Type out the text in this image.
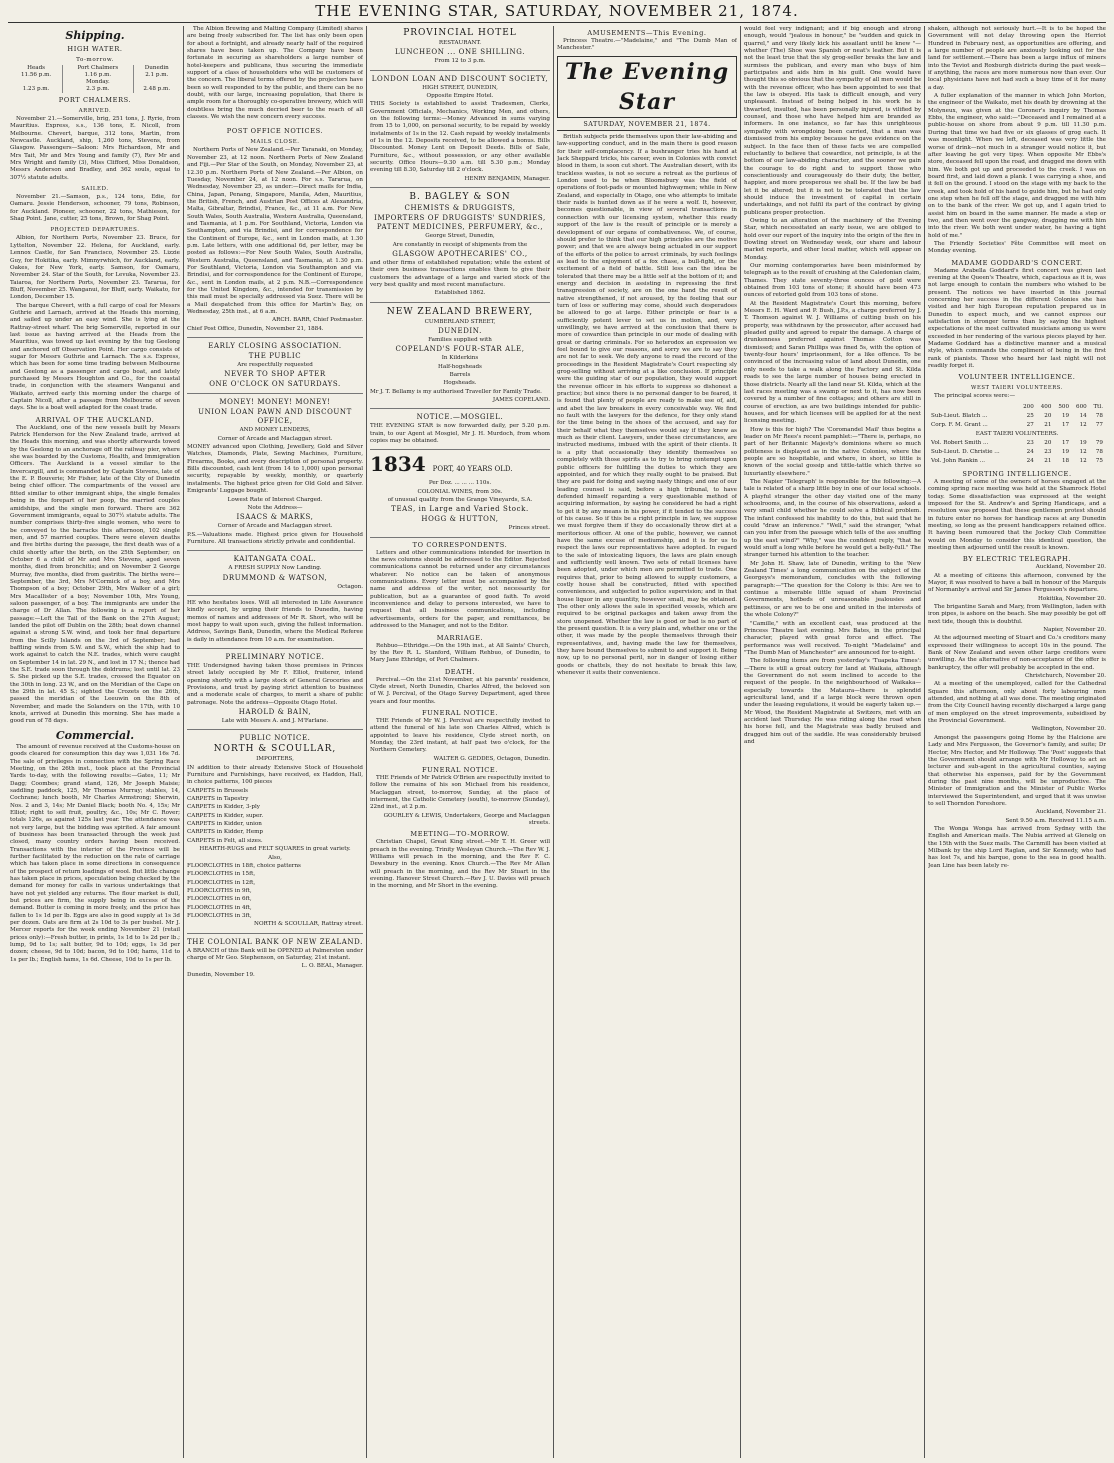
THE EVENING STAR, SATURDAY, NOVEMBER 21, 1874.
Shipping.
HIGH WATER.
To-morrow.
Heads	Port Chalmers	Dunedin
11.56 p.m.	1.16 p.m.	2.1 p.m.
	Monday.	
1.23 p.m.	2.3 p.m.	2.48 p.m.
PORT CHALMERS.
ARRIVED.

November 21.—Somerville, brig, 251 tons, J. Ryrie, from Mauritius. Express, s.s., 136 tons, E. Nicoll, from Melbourne. Chevert, barque, 312 tons, Martin, from Newcastle. Auckland, ship, 1,260 tons, Stevens, from Glasgow. Passengers—Saloon: Mrs Richardson, Mr and Mrs Tait, Mr and Mrs Young and family (7), Rev Mr and Mrs Wright and family (3), Miss Clifford, Miss Donaldson, Messrs Anderson and Bradley, and 362 souls, equal to 307½ statute adults.

SAILED.

November 21.—Samson, p.s., 124 tons, Edie, for Oamaru. Jessie Henderson, schooner, 79 tons, Robinson, for Auckland. Pioneer, schooner, 22 tons, Mathieson, for Shag Point. Jane, cutter, 25 tons, Brown, for Shag Point.

PROJECTED DEPARTURES.

Albion, for Northern Ports, November 23. Bruce, for Lyttelton, November 22. Helena, for Auckland, early. Lennox Castle, for San Francisco, November 25. Lizzie Guy, for Hokitika, early. Mimnyrwhich, for Auckland, early. Oakes, for New York, early. Samson, for Oamaru, November 24. Star of the South, for Levuka, November 23. Taiaroa, for Northern Ports, November 23. Tararua, for Bluff, November 25. Wanganui, for Bluff, early. Waikato, for London, December 15.

The barque Chevert, with a full cargo of coal for Messrs Guthrie and Larnach, arrived at the Heads this morning, and sailed up under an easy wind. She is lying at the Rattray-street wharf. The brig Somerville, reported in our last issue as having arrived at the Heads from the Mauritius, was towed up last evening by the tug Geelong and anchored off Observation Point. Her cargo consists of sugar for Messrs Guthrie and Larnach. The s.s. Express, which has been for some time trading between Melbourne and Geelong as a passenger and cargo boat, and lately purchased by Messrs Houghton and Co., for the coastal trade, in conjunction with the steamers Wanganui and Waikato, arrived early this morning under the charge of Captain Nicoll, after a passage from Melbourne of seven days. She is a boat well adapted for the coast trade.

ARRIVAL OF THE AUCKLAND.

The Auckland, one of the new vessels built by Messrs Patrick Henderson for the New Zealand trade, arrived at the Heads this morning, and was shortly afterwards towed by the Geelong to an anchorage off the railway pier, where she was boarded by the Customs, Health, and Immigration Officers. The Auckland is a vessel similar to the Invercargill, and is commanded by Captain Stevens, late of the E. P. Bouverie; Mr Fisher, late of the City of Dunedin being chief officer. The compartments of the vessel are fitted similar to other immigrant ships, the single females being in the forepart of her poop, the married couples amidships, and the single men forward. There are 362 Government immigrants, equal to 307½ statute adults. The number comprises thirty-five single women, who were to be conveyed to the barracks this afternoon, 102 single men, and 57 married couples. There were eleven deaths and five births during the passage, the first death was of a child shortly after the birth, on the 25th September; on October 6 a child of Mr and Mrs Stevens, aged seven months, died from bronchitis; and on November 2 George Murray, five months, died from gastritis. The births were—September, the 3rd, Mrs M'Cormick of a boy, and Mrs Thompson of a boy; October 29th, Mrs Walker of a girl; Mrs Macallister of a boy; November 10th, Mrs Young, saloon passenger, of a boy. The immigrants are under the charge of Dr Allan. The following is a report of her passage:—Left the Tail of the Bank on the 27th August; landed the pilot off Dublin on the 28th; beat down channel against a strong S.W. wind, and took her final departure from the Scilly Islands on the 3rd of September; had baffling winds from S.W. and S.W., which the ship had to work against to catch the N.E. trades, which were caught on September 14 in lat. 29 N., and lost in 17 N.; thence had the S.E. trade soon through the doldrums; lost until lat. 23 S. She picked up the S.E. trades, crossed the Equator on the 30th in long. 23 W., and on the Meridian of the Cape on the 29th in lat. 45 S.; sighted the Crozets on the 26th, passed the meridian of the Leeuwin on the 8th of November, and made the Solanders on the 17th, with 10 knots, arrived at Dunedin this morning. She has made a good run of 78 days.

Commercial.

The amount of revenue received at the Customs-house on goods cleared for consumption this day was 1,031 16s 7d. The sale of privileges in connection with the Spring Race Meeting, on the 26th inst., took place at the Provincial Yards to-day, with the following results:—Gates, 11; Mr Dagg; Coombes; grand stand, 126, Mr Joseph Maisie; saddling paddock, 125, Mr Thomas Murray; stables, 14, Cochrane; lunch booth, Mr Charles Armstrong; Sherwin, Nos. 2 and 3, 14s; Mr Daniel Black; booth No. 4, 15s; Mr Elliot; right to sell fruit, poultry, &c., 10s; Mr C. Rover; totals 126s, as against 125s last year. The attendance was not very large, but the bidding was spirited. A fair amount of business has been transacted through the week just closed, many country orders having been received. Transactions with the interior of the Province will be further facilitated by the reduction on the rate of carriage which has taken place in some directions in consequence of the prospect of return loadings of wool. But little change has taken place in prices, speculation being checked by the demand for money for calls in various undertakings that have not yet yielded any returns. The flour market is dull, but prices are firm, the supply being in excess of the demand. Butter is coming in more freely, and the price has fallen to 1s 1d per lb. Eggs are also in good supply at 1s 3d per dozen. Oats are firm at 2s 10d to 3s per bushel. Mr J. Mercer reports for the week ending November 21 (retail prices only):—Fresh butter, in prints, 1s 1d to 1s 2d per lb.; lump, 9d to 1s; salt butter, 9d to 10d; eggs, 1s 3d per dozen; cheese, 9d to 10d; bacon, 9d to 10d; hams, 11d to 1s per lb.; English hams, 1s 6d. Cheese, 10d to 1s per lb.

The Albion Brewing and Malting Company (Limited) shares are being freely subscribed for. The list has only been open for about a fortnight, and already nearly half of the required shares have been taken up. The Company have been fortunate in securing as shareholders a large number of hotel-keepers and publicans, thus securing the immediate support of a class of householders who will be customers of the concern. The liberal terms offered by the projectors have been so well responded to by the public, and there can be no doubt, with our large, increasing population, that there is ample room for a thoroughly co-operative brewery, which will doubtless bring the much decried beer to the reach of all classes. We wish the new concern every success.

POST OFFICE NOTICES.
MAILS CLOSE.

Northern Ports of New Zealand.—Per Taranaki, on Monday, November 23, at 12 noon. Northern Ports of New Zealand and Fiji.—Per Star of the South, on Monday, November 23, at 12.30 p.m. Northern Ports of New Zealand.—Per Albion, on Tuesday, November 24, at 12 noon. For s.s. Tararua, on Wednesday, November 25, as under:—Direct mails for India, China, Japan, Penang, Singapore, Manila, Aden, Mauritius, the British, French, and Austrian Post Offices at Alexandria, Malta, Gibraltar, Brindisi, France, &c., at 11 a.m. For New South Wales, South Australia, Western Australia, Queensland, and Tasmania, at 1 p.m. For Southland, Victoria, London via Southampton, and via Brindisi, and for correspondence for the Continent of Europe, &c., sent in London mails, at 1.30 p.m. Late letters, with one additional 6d, per letter, may be posted as follows:—For New South Wales, South Australia, Western Australia, Queensland, and Tasmania, at 1.30 p.m. For Southland, Victoria, London via Southampton and via Brindisi, and for correspondence for the Continent of Europe, &c., sent in London mails, at 2 p.m. N.B.—Correspondence for the United Kingdom, &c., intended for transmission by this mail must be specially addressed via Suez. There will be a Mail despatched from this office for Martin's Bay, on Wednesday, 25th inst., at 6 a.m.

ARCH. BARR, Chief Postmaster.

Chief Post Office, Dunedin, November 21, 1884.

EARLY CLOSING ASSOCIATION.

THE PUBLIC

Are respectfully requested

NEVER TO SHOP AFTER

ONE O'CLOCK ON SATURDAYS.

MONEY! MONEY! MONEY!

UNION LOAN PAWN AND DISCOUNT OFFICE,

AND MONEY LENDERS,

Corner of Arcade and Maclaggan street.

MONEY advanced upon Clothing, Jewellery, Gold and Silver Watches, Diamonds, Plate, Sewing Machines, Furniture, Firearms, Books, and every description of personal property. Bills discounted, cash lent (from 14 to 1,000) upon personal security, repayable by weekly, monthly, or quarterly instalments. The highest price given for Old Gold and Silver. Emigrants' Luggage bought.

Lowest Rate of Interest Charged.

Note the Address—

ISAACS & MARKS,

Corner of Arcade and Maclaggan street.

P.S.—Valuations made. Highest price given for Household Furniture. All transactions strictly private and confidential.

KAITANGATA COAL.

A FRESH SUPPLY Now Landing.

DRUMMOND & WATSON,

Octagon.

HE who hesitates loses. Will all interested in Life Assurance kindly accept, by urging their friends to Dunedin, having memos of names and addresses of Mr R. Short, who will be most happy to wait upon such, giving the fullest information. Address, Savings Bank, Dunedin, where the Medical Referee is daily in attendance from 10 a.m. for examination.

PRELIMINARY NOTICE.

THE Undersigned having taken those premises in Princes street lately occupied by Mr F. Elliot, fruiterer, intend opening shortly with a large stock of General Groceries and Provisions, and trust by paying strict attention to business and a moderate scale of charges, to merit a share of public patronage. Note the address—Opposite Otago Hotel.

HAROLD & BAIN,

Late with Messrs A. and J. M'Farlane.

PUBLIC NOTICE.

NORTH & SCOULLAR,

IMPORTERS,

IN addition to their already Extensive Stock of Household Furniture and Furnishings, have received, ex Haddon, Hall, in choice patterns, 100 pieces

CARPETS in Brussels

CARPETS in Tapestry

CARPETS in Kidder, 3-ply

CARPETS in Kidder, super.

CARPETS in Kidder, union

CARPETS in Kidder, Hemp

CARPETS in Felt, all sizes.

HEARTH-RUGS and FELT SQUARES in great variety.

Also,

FLOORCLOTHS in 18ft, choice patterns

FLOORCLOTHS in 15ft,

FLOORCLOTHS in 12ft,

FLOORCLOTHS in 9ft,

FLOORCLOTHS in 6ft,

FLOORCLOTHS in 4ft,

FLOORCLOTHS in 3ft,

NORTH & SCOULLAR, Rattray street.

THE COLONIAL BANK OF NEW ZEALAND.

A BRANCH of this Bank will be OPENED at Palmerston under charge of Mr Geo. Stephenson, on Saturday, 21st instant.

L. O. BEAL, Manager.

Dunedin, November 19.

PROVINCIAL HOTEL

RESTAURANT.

LUNCHEON ... ONE SHILLING.

From 12 to 3 p.m.

LONDON LOAN AND DISCOUNT SOCIETY,

HIGH STREET, DUNEDIN,

Opposite Empire Hotel.

THIS Society is established to assist Tradesmen, Clerks, Government Officials, Mechanics, Working Men, and others, on the following terms:—Money Advanced in sums varying from 15 to 1,000, on personal security, to be repaid by weekly instalments of 1s in the 12. Cash repaid by weekly instalments of 1s in the 12. Deposits received, to be allowed a bonus. Bills Discounted. Money Lent on Deposit Deeds. Bills of Sale, Furniture, &c., without possession, or any other available security. Office Hours—9.30 a.m. till 5.30 p.m.; Monday evening till 8.30, Saturday till 2 o'clock.

HENRY BENJAMIN, Manager.

B. BAGLEY & SON

CHEMISTS & DRUGGISTS,

IMPORTERS OF DRUGGISTS' SUNDRIES, PATENT MEDICINES, PERFUMERY, &c.,

George Street, Dunedin,

Are constantly in receipt of shipments from the

GLASGOW APOTHECARIES' CO.,

and other firms of established reputation; while the extent of their own business transactions enables them to give their customers the advantage of a large and varied stock of the very best quality and most recent manufacture.

Established 1862.

NEW ZEALAND BREWERY,

CUMBERLAND STREET,

DUNEDIN.

Families supplied with

COPELAND'S FOUR-STAR ALE,

In Kilderkins

Half-hogsheads

Barrels

Hogsheads.

Mr J. T. Bellamy is my authorised Traveller for Family Trade.

JAMES COPELAND.

NOTICE.—MOSGIEL.

THE EVENING STAR is now forwarded daily, per 5.20 p.m. train, to our Agent at Mosgiel, Mr J. H. Murdoch, from whom copies may be obtained.

1834 PORT, 40 YEARS OLD.

Per Doz. ... ... ... 110s.

COLONIAL WINES, from 30s.

of unusual quality from the Grange Vineyards, S.A.

TEAS, in Large and Varied Stock.

HOGG & HUTTON,

Princes street.

TO CORRESPONDENTS.

Letters and other communications intended for insertion in the news columns should be addressed to the Editor. Rejected communications cannot be returned under any circumstances whatever. No notice can be taken of anonymous communications. Every letter must be accompanied by the name and address of the writer, not necessarily for publication, but as a guarantee of good faith. To avoid inconvenience and delay to persons interested, we have to request that all business communications, including advertisements, orders for the paper, and remittances, be addressed to the Manager, and not to the Editor.

MARRIAGE.

Rehbuo—Ethridge.—On the 19th inst., at All Saints' Church, by the Rev R. L. Stanford, William Rehbuo, of Dunedin, to Mary Jane Ethridge, of Port Chalmers.

DEATH.

Percival.—On the 21st November, at his parents' residence, Clyde street, North Dunedin, Charles Alfred, the beloved son of W. J. Percival, of the Otago Survey Department, aged three years and four months.

FUNERAL NOTICE.

THE Friends of Mr W. J. Percival are respectfully invited to attend the funeral of his late son Charles Alfred, which is appointed to leave his residence, Clyde street north, on Monday, the 23rd instant, at half past two o'clock, for the Northern Cemetery.

WALTER G. GEDDES, Octagon, Dunedin.

FUNERAL NOTICE.

THE Friends of Mr Patrick O'Brien are respectfully invited to follow the remains of his son Michael from his residence, Maclaggan street, to-morrow, Sunday, at the place of interment, the Catholic Cemetery (south), to-morrow (Sunday), 22nd inst., at 2 p.m.

GOURLEY & LEWIS, Undertakers, George and Maclaggan streets.

MEETING—TO-MORROW.

Christian Chapel, Great King street.—Mr T. H. Greer will preach in the evening. Trinity Wesleyan Church.—The Rev W. J. Williams will preach in the morning, and the Rev F. C. Dewsbury in the evening. Knox Church.—The Rev Mr Allan will preach in the morning, and the Rev Mr Stuart in the evening. Hanover Street Church.—Rev J. U. Davies will preach in the morning, and Mr Short in the evening.

AMUSEMENTS—This Evening.

Princess Theatre.—"Madelaine," and "The Dumb Man of Manchester."

The Evening Star
SATURDAY, NOVEMBER 21, 1874.

British subjects pride themselves upon their law-abiding and law-supporting conduct, and in the main there is good reason for their self-complacency. If a bushranger tries his hand at Jack Sheppard tricks, his career, even in Colonies with convict blood in them, is soon cut short. The Australian desert, with its trackless wastes, is not so secure a retreat as the purlieus of London used to be when Bloomsbury was the field of operations of foot-pads or mounted highwaymen; while in New Zealand, and especially in Otago, one who attempts to imitate their raids is hunted down as if he were a wolf. It, however, becomes questionable, in view of several transactions in connection with our licensing system, whether this ready support of the law is the result of principle or is merely a development of our organs of combativeness. We, of course, should prefer to think that our high principles are the motive power; and that we are always being actuated in our support of the efforts of the police to arrest criminals, by such feelings as lead to the enjoyment of a fox chase, a bull-fight, or the excitement of a field of battle. Still less can the idea be tolerated that there may be a little self at the bottom of it; and energy and decision in assisting in repressing the first transgression of society, are on the one hand the result of native strengthened, if not aroused, by the feeling that our turn of loss or suffering may come, should such desperadoes be allowed to go at large. Either principle or fear is a sufficiently potent lever to set us in motion, and, very unwillingly, we have arrived at the conclusion that there is more of cowardice than principle in our mode of dealing with great or daring criminals. For so heterodox an expression we feel bound to give our reasons, and sorry we are to say they are not far to seek. We defy anyone to read the record of the proceedings in the Resident Magistrate's Court respecting sly grog-selling without arriving at a like conclusion. If principle were the guiding star of our population, they would support the revenue officer in his efforts to suppress so dishonest a practice; but since there is no personal danger to be feared, it is found that plenty of people are ready to make use of, aid, and abet the law breakers in every conceivable way. We find no fault with the lawyers for the defence, for they only stand for the time being in the shoes of the accused, and say for their behalf what they themselves would say if they knew as much as their client. Lawyers, under these circumstances, are instructed mediums, imbued with the spirit of their clients. It is a pity that occasionally they identify themselves so completely with those spirits as to try to bring contempt upon public officers for fulfilling the duties to which they are appointed, and for which they really ought to be praised. But they are paid for doing and saying nasty things; and one of our leading counsel is said, before a high tribunal, to have defended himself regarding a very questionable method of acquiring information, by saying he considered he had a right to get it by any means in his power, if it tended to the success of his cause. So if this be a right principle in law, we suppose we must forgive them if they do occasionally throw dirt at a meritorious officer. At one of the public, however, we cannot have the same excuse of mediumship, and it is for us to respect the laws our representatives have adopted. In regard to the sale of intoxicating liquors, the laws are plain enough and sufficiently well known. Two sets of retail licenses have been adopted, under which men are permitted to trade. One requires that, prior to being allowed to supply customers, a costly house shall be constructed, fitted with specified conveniences, and subjected to police supervision; and in that house liquor in any quantity, however small, may be obtained. The other only allows the sale in specified vessels, which are required to be original packages and taken away from the store unopened. Whether the law is good or bad is no part of the present question. It is a very plain and, whether one or the other, it was made by the people themselves through their representatives, and, having made the law for themselves, they have bound themselves to submit to and support it. Being now, up to no personal peril, nor in danger of losing either goods or chattels, they do not hesitate to break this law, whenever it suits their convenience.

would feel very indignant; and if big enough and strong enough, would "jealous in honour," be "sudden and quick in quarrel," and very likely kick his assailant until he knew "—whether (The) Shoe was Spanish or neat's leather. But it is not the least true that the sly grog-seller breaks the law and surmises the publican, and every man who buys of him participates and aids him in his guilt. One would have thought this so obvious that the sympathy of all men would be with the revenue officer, who has been appointed to see that the law is obeyed. His task is difficult enough, and very unpleasant. Instead of being helped in his work he is thwarted, insulted, has been personally injured, is vilified by counsel, and those who have helped him are branded as informers. In one instance, so far has this unrighteous sympathy with wrongdoing been carried, that a man was dismissed from his employ because he gave evidence on the subject. In the face then of these facts we are compelled reluctantly to believe that cowardice, not principle, is at the bottom of our law-abiding character, and the sooner we gain the courage to do right and to support those who conscientiously and courageously do their duty, the better, happier, and more prosperous we shall be. If the law be bad let it be altered; but it is not to be tolerated that the law should induce the investment of capital in certain undertakings, and not fulfil its part of the contract by giving publicans proper protection.

Owing to an alteration of the machinery of the Evening Star, which necessitated an early issue, we are obliged to hold over our report of the inquiry into the origin of the fire in Dowling street on Wednesday week, our share and labour market reports, and other local matter, which will appear on Monday.

Our morning contemporaries have been misinformed by telegraph as to the result of crushing at the Caledonian claim, Thames. They state seventy-three ounces of gold were obtained from 103 tons of stone; it should have been 473 ounces of retorted gold from 103 tons of stone.

At the Resident Magistrate's Court this morning, before Messrs E. H. Ward and P. Bush, J.P.s, a charge preferred by J. T. Thomson against W. J. Williams of cutting bush on his property, was withdrawn by the prosecutor, after accused had pleaded guilty and agreed to repair the damage. A charge of drunkenness preferred against Thomas Cotton was dismissed; and Saran Phillips was fined 5s, with the option of twenty-four hours' imprisonment, for a like offence. To be convinced of the increasing value of land about Dunedin, one only needs to take a walk along the Factory and St. Kilda roads to see the large number of houses being erected in those districts. Nearly all the land near St. Kilda, which at the last races meeting was a swamp or next to it, has now been covered by a number of fine cottages; and others are still in course of erection, as are two buildings intended for public-houses, and for which licenses will be applied for at the next licensing meeting.

How is this for high? The 'Coromandel Mail' thus begins a leader on Mr Rees's recent pamphlet:—"There is, perhaps, no part of her Britannic Majesty's dominions where so much politeness is displayed as in the native Colonies, where the people are so hospitable, and where, in short, so little is known of the social gossip and tittle-tattle which thrive so luxuriantly elsewhere."

The Napier 'Telegraph' is responsible for the following:—A tale is related of a sharp little boy in one of our local schools. A playful stranger the other day visited one of the many schoolrooms, and, in the course of his observations, asked a very small child whether he could solve a Biblical problem. The infant confessed his inability to do this, but said that he could "draw an inference." "Well," said the stranger, "what can you infer from the passage which tells of the ass snuffing up the east wind?" "Why," was the confident reply, "that he would snuff a long while before he would get a belly-full." The stranger turned his attention to the teacher.

Mr John H. Shaw, late of Dunedin, writing to the 'New Zealand Times' a long communication on the subject of the Georgeys's memorandum, concludes with the following paragraph:—"The question for the Colony is this: Are we to continue a miserable little squad of sham Provincial Governments, hotbeds of unreasonable jealousies and pettiness, or are we to be one and united in the interests of the whole Colony?"

"Camille," with an excellent cast, was produced at the Princess Theatre last evening. Mrs Bates, in the principal character, played with great force and effect. The performance was well received. To-night "Madelaine" and "The Dumb Man of Manchester" are announced for to-night.

The following items are from yesterday's 'Tuapeka Times':—There is still a great outcry for land at Waikaia, although the Government do not seem inclined to accede to the request of the people. In the neighbourhood of Waikaka—especially towards the Mataura—there is splendid agricultural land, and if a large block were thrown open under the leasing regulations, it would be eagerly taken up.—Mr Wood, the Resident Magistrate at Switzers, met with an accident last Thursday. He was riding along the road when his horse fell, and the Magistrate was badly bruised and dragged him out of the saddle. He was considerably bruised and

shaken, although not seriously hurt.—It is to be hoped the Government will not delay throwing open the Herriot Hundred in February next, as opportunities are offering, and a large number of people are anxiously looking out for the land for settlement.—There has been a large influx of miners into the Teviot and Roxburgh districts during the past week—if anything, the races are more numerous now than ever. Our local physicians have not had such a busy time of it for many a day.

A fuller explanation of the manner in which John Morton, the engineer of the Waikato, met his death by drowning at the Molyneux, was given at the Coroner's inquiry by Thomas Ebbs, the engineer, who said:—"Deceased and I remained at a public-house on shore from about 9 p.m. till 11.30 p.m. During that time we had five or six glasses of grog each. It was moonlight. When we left, deceased was very little the worse of drink—not much in a stranger would notice it, but after leaving he got very tipsy. When opposite Mr Ebbs's store, deceased fell upon the road, and dragged me down with him. We both got up and proceeded to the creek. I was on board first, and laid down a plank. I was carrying a shoe, and it fell on the ground. I stood on the stage with my back to the creek, and took hold of his hand to guide him, but he had only one step when he fell off the stage, and dragged me with him on to the bank of the river. We got up, and I again tried to assist him on board in the same manner. He made a step or two, and then went over the gangway, dragging me with him into the river. We both went under water, he having a tight hold of me."

The Friendly Societies' Fête Committee will meet on Monday evening.

MADAME GODDARD'S CONCERT.

Madame Arabella Goddard's first concert was given last evening at the Queen's Theatre, which, capacious as it is, was not large enough to contain the numbers who wished to be present. The notices we have inserted in this journal concerning her success in the different Colonies she has visited and her high European reputation prepared us in Dunedin to expect much, and we cannot express our satisfaction in stronger terms than by saying the highest expectations of the most cultivated musicians among us were exceeded in her rendering of the various pieces played by her. Madame Goddard has a distinctive manner and a musical style, which commands the compliment of being in the first rank of pianists. Those who heard her last night will not readily forget it.

VOLUNTEER INTELLIGENCE.
WEST TAIERI VOLUNTEERS.

The principal scores were:—

	200	400	500	600	Ttl.
Sub-Lieut. Blatch ...	25	20	19	14	78
Corp. F. M. Grant ...	27	21	17	12	77
EAST TAIERI VOLUNTEERS.					
Vol. Robert Smith ...	23	20	17	19	79
Sub-Lieut. D. Christie ...	24	23	19	12	78
Vol. John Rankin ...	24	21	18	12	75
SPORTING INTELLIGENCE.

A meeting of some of the owners of horses engaged at the coming spring race meeting was held at the Shamrock Hotel today. Some dissatisfaction was expressed at the weight imposed for the St. Andrew's and Spring Handicaps, and a resolution was proposed that these gentlemen protest should in future enter no horses for handicap races at any Dunedin meeting, so long as the present handicappers retained office. It having been rumoured that the Jockey Club Committee would on Monday to consider this identical question, the meeting then adjourned until the result is known.

BY ELECTRIC TELEGRAPH.

Auckland, November 20.

At a meeting of citizens this afternoon, convened by the Mayor, it was resolved to have a ball in honour of the Marquis of Normanby's arrival and Sir James Fergusson's departure.

Hokitika, November 20.

The brigantine Sarah and Mary, from Wellington, laden with iron pipes, is ashore on the beach. She may possibly be got off next tide, though this is doubtful.

Napier, November 20.

At the adjourned meeting of Stuart and Co.'s creditors many expressed their willingness to accept 10s in the pound. The Bank of New Zealand and seven other large creditors were unwilling. As the alternative of non-acceptance of the offer is bankruptcy, the offer will probably be accepted in the end.

Christchurch, November 20.

At a meeting of the unemployed, called for the Cathedral Square this afternoon, only about forty labouring men attended, and nothing at all was done. The meeting originated from the City Council having recently discharged a large gang of men employed on the street improvements, subsidised by the Provincial Government.

Wellington, November 20.

Amongst the passengers going Home by the Halcione are Lady and Mrs Fergusson, the Governor's family, and suite; Dr Hector, Mrs Hector, and Mr Holloway. The 'Post' suggests that the Government should arrange with Mr Holloway to act as lecturer and sub-agent in the agricultural counties, saying that otherwise his expenses, paid for by the Government during the past nine months, will be unproductive. The Minister of Immigration and the Minister of Public Works interviewed the Superintendent, and urged that it was unwise to sell Thorndon Foreshore.

Auckland, November 21.

Sent 9.50 a.m. Received 11.15 a.m.

The Wonga Wonga has arrived from Sydney with the English and American mails. The Nubia arrived at Glenelg on the 15th with the Suez mails. The Carnmill has been visited at Milbank by the ship Lord Raglan, and Sir Kennedy, who had has lost 7s, and his barque, gone to the sea in good health. Jean Line has been lately re-
